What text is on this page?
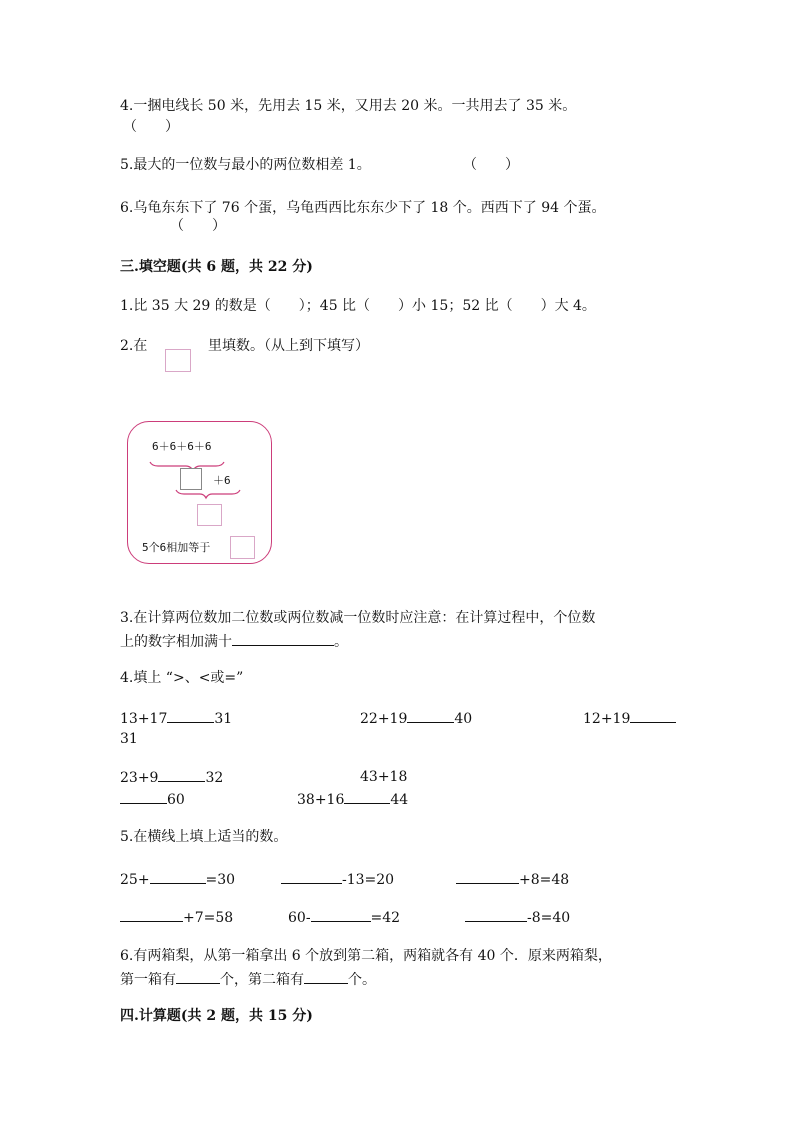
4.一捆电线长 50 米，先用去 15 米，又用去 20 米。一共用去了 35 米。
（　　）
5.最大的一位数与最小的两位数相差 1。	（　　）
6.乌龟东东下了 76 个蛋，乌龟西西比东东少下了 18 个。西西下了 94 个蛋。
（　　）
三.填空题(共 6 题，共 22 分)
1.比 35 大 29 的数是（　　）；45 比（　　）小 15；52 比（　　）大 4。
2.在	里填数。（从上到下填写）
6＋6＋6＋6
＋6
5个6相加等于
3.在计算两位数加二位数或两位数减一位数时应注意：在计算过程中，个位数
上的数字相加满十	。
4.填上 “>、<或=”
13+17	31	22+19	40	12+19
31
23+9	32	43+18
60	38+16	44
5.在横线上填上适当的数。
25+	=30	-13=20	+8=48
+7=58	60-	=42	-8=40
6.有两箱梨，从第一箱拿出 6 个放到第二箱，两箱就各有 40 个．原来两箱梨，
第一箱有	个，第二箱有	个。
四.计算题(共 2 题，共 15 分)
